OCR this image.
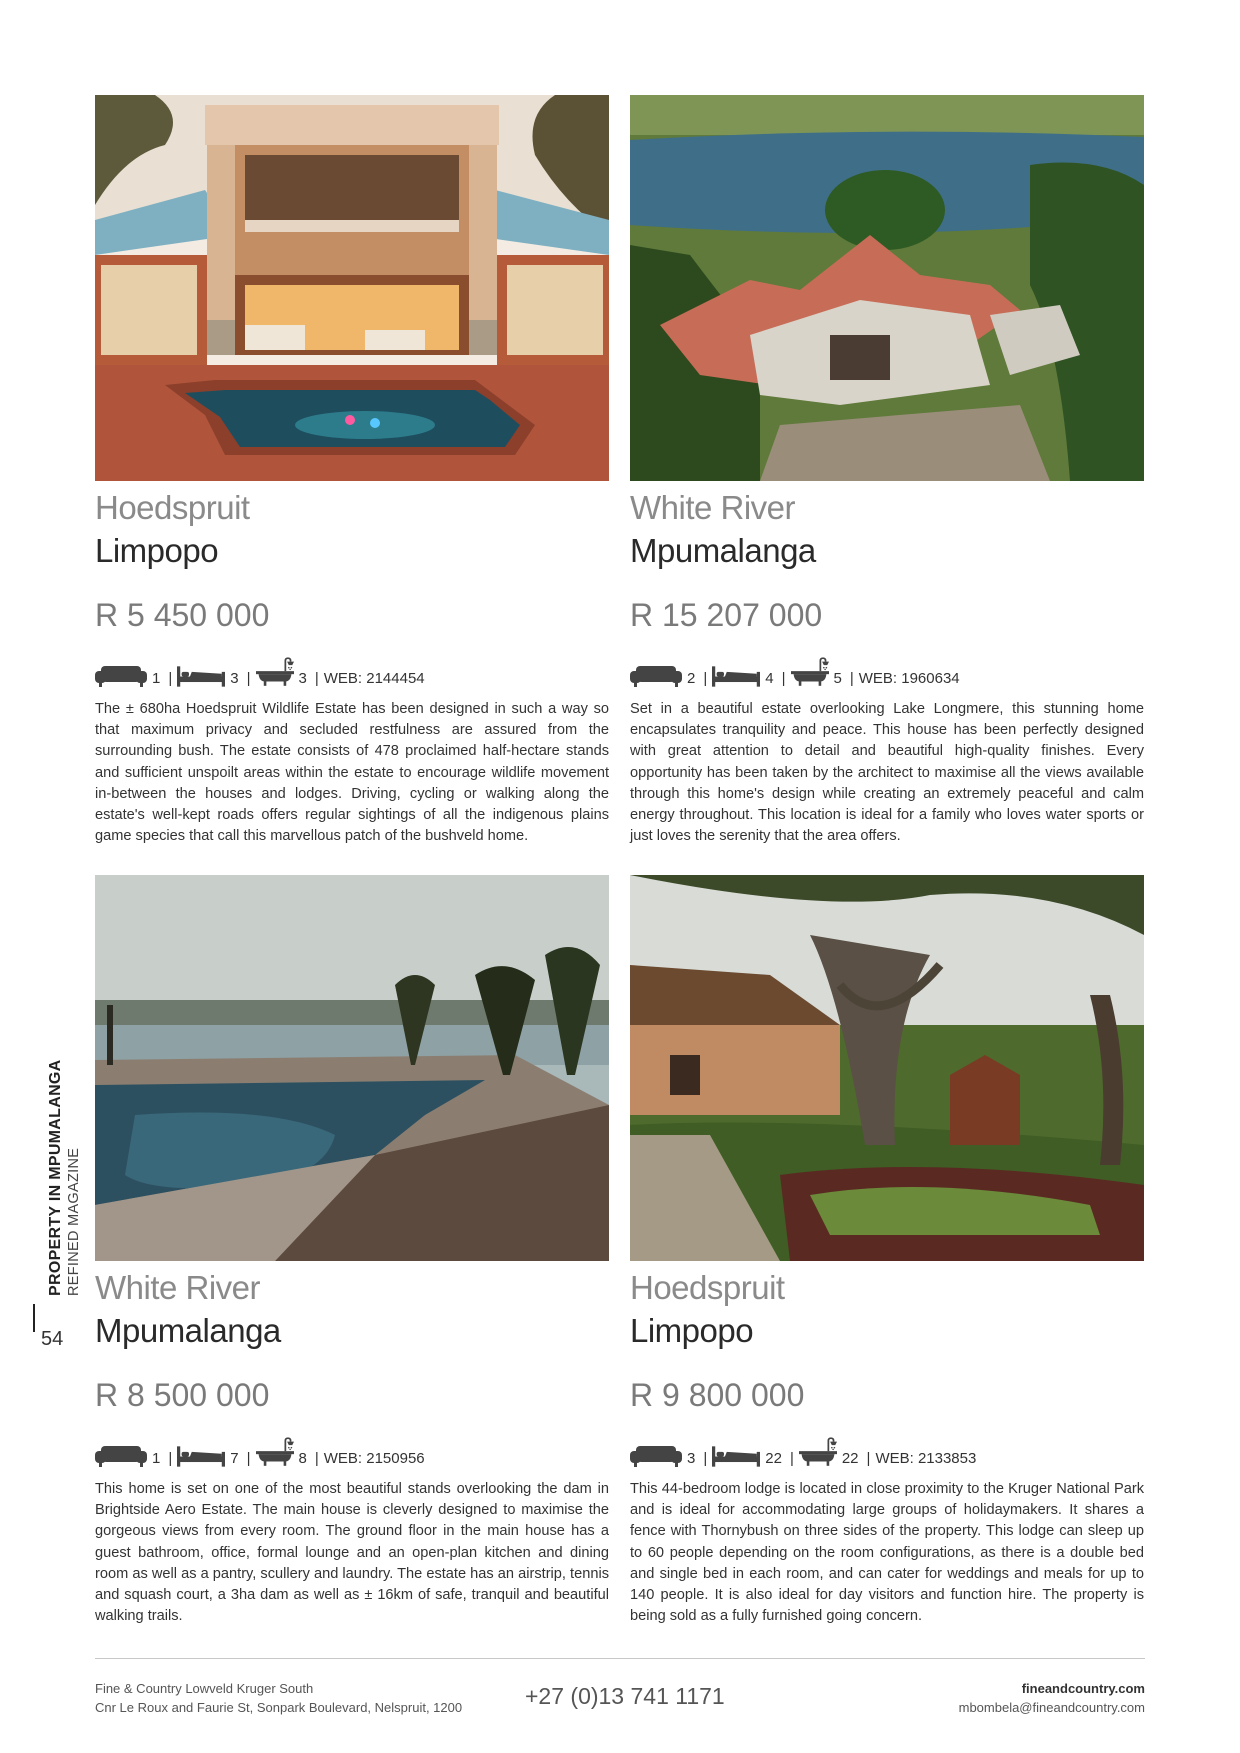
Hoedspruit
Limpopo
R 5 450 000
1 |	3 |	3 | WEB: 2144454

The ± 680ha Hoedspruit Wildlife Estate has been designed in such a way so that maximum privacy and secluded restfulness are assured from the surrounding bush. The estate consists of 478 proclaimed half-hectare stands and sufficient unspoilt areas within the estate to encourage wildlife movement in-between the houses and lodges. Driving, cycling or walking along the estate's well-kept roads offers regular sightings of all the indigenous plains game species that call this marvellous patch of the bushveld home.

White River
Mpumalanga
R 15 207 000
2 |	4 |	5 | WEB: 1960634

Set in a beautiful estate overlooking Lake Longmere, this stunning home encapsulates tranquility and peace. This house has been perfectly designed with great attention to detail and beautiful high-quality finishes. Every opportunity has been taken by the architect to maximise all the views available through this home's design while creating an extremely peaceful and calm energy throughout. This location is ideal for a family who loves water sports or just loves the serenity that the area offers.

White River
Mpumalanga
R 8 500 000
1 |	7 |	8 | WEB: 2150956

This home is set on one of the most beautiful stands overlooking the dam in Brightside Aero Estate. The main house is cleverly designed to maximise the gorgeous views from every room. The ground floor in the main house has a guest bathroom, office, formal lounge and an open-plan kitchen and dining room as well as a pantry, scullery and laundry. The estate has an airstrip, tennis and squash court, a 3ha dam as well as ± 16km of safe, tranquil and beautiful walking trails.

Hoedspruit
Limpopo
R 9 800 000
3 |	22 |	22 | WEB: 2133853

This 44-bedroom lodge is located in close proximity to the Kruger National Park and is ideal for accommodating large groups of holidaymakers. It shares a fence with Thornybush on three sides of the property. This lodge can sleep up to 60 people depending on the room configurations, as there is a double bed and single bed in each room, and can cater for weddings and meals for up to 140 people. It is also ideal for day visitors and function hire. The property is being sold as a fully furnished going concern.

PROPERTY IN MPUMALANGA REFINED MAGAZINE
54
Fine & Country Lowveld Kruger South
Cnr Le Roux and Faurie St, Sonpark Boulevard, Nelspruit, 1200	+27 (0)13 741 1171	fineandcountry.com
mbombela@fineandcountry.com
